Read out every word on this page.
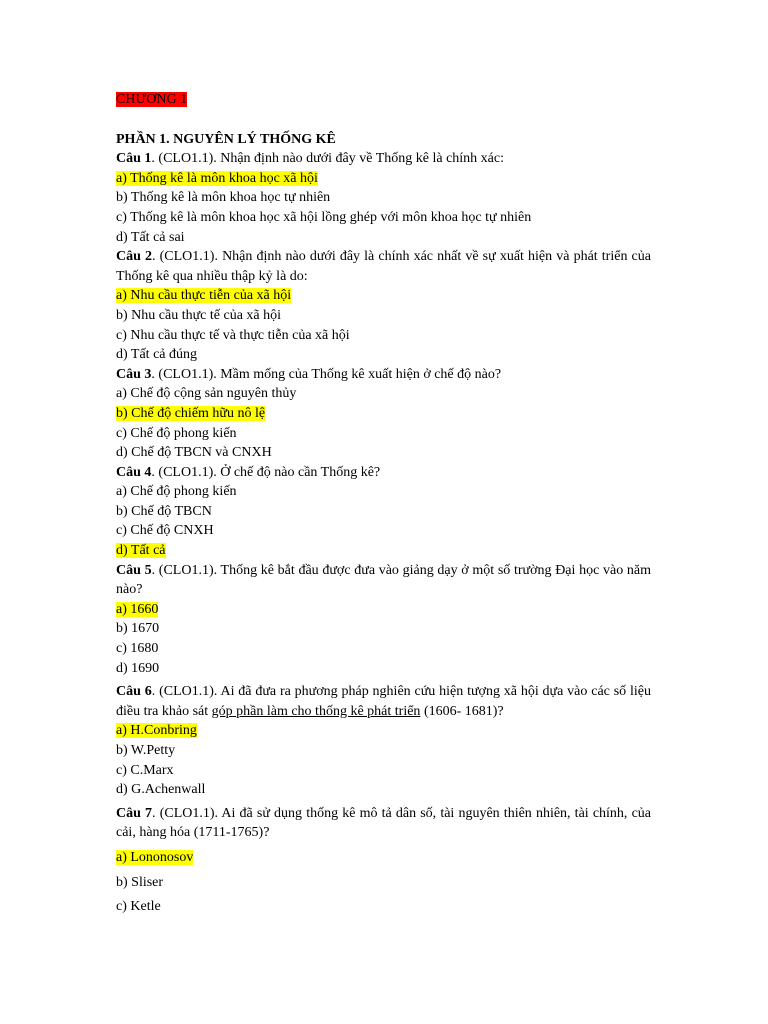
CHƯƠNG 1
PHẦN 1. NGUYÊN LÝ THỐNG KÊ
Câu 1. (CLO1.1). Nhận định nào dưới đây về Thống kê là chính xác:
a) Thống kê là môn khoa học xã hội
b) Thống kê là môn khoa học tự nhiên
c) Thống kê là môn khoa học xã hội lồng ghép với môn khoa học tự nhiên
d) Tất cả sai
Câu 2. (CLO1.1). Nhận định nào dưới đây là chính xác nhất về sự xuất hiện và phát triển của Thống kê qua nhiều thập kỷ là do:
a) Nhu cầu thực tiễn của xã hội
b) Nhu cầu thực tế của xã hội
c) Nhu cầu thực tế và thực tiễn của xã hội
d) Tất cả đúng
Câu 3. (CLO1.1). Mầm mống của Thống kê xuất hiện ở chế độ nào?
a) Chế độ cộng sản nguyên thủy
b) Chế độ chiếm hữu nô lệ
c) Chế độ phong kiến
d) Chế độ TBCN và CNXH
Câu 4. (CLO1.1). Ở chế độ nào cần Thống kê?
a) Chế độ phong kiến
b) Chế độ TBCN
c) Chế độ CNXH
d) Tất cả
Câu 5. (CLO1.1). Thống kê bắt đầu được đưa vào giảng dạy ở một số trường Đại học vào năm nào?
a) 1660
b) 1670
c) 1680
d) 1690
Câu 6. (CLO1.1). Ai đã đưa ra phương pháp nghiên cứu hiện tượng xã hội dựa vào các số liệu điều tra khảo sát góp phần làm cho thống kê phát triển (1606- 1681)?
a) H.Conbring
b) W.Petty
c) C.Marx
d) G.Achenwall
Câu 7. (CLO1.1). Ai đã sử dụng thống kê mô tả dân số, tài nguyên thiên nhiên, tài chính, của cải, hàng hóa (1711-1765)?
a) Lononosov
b) Sliser
c) Ketle
